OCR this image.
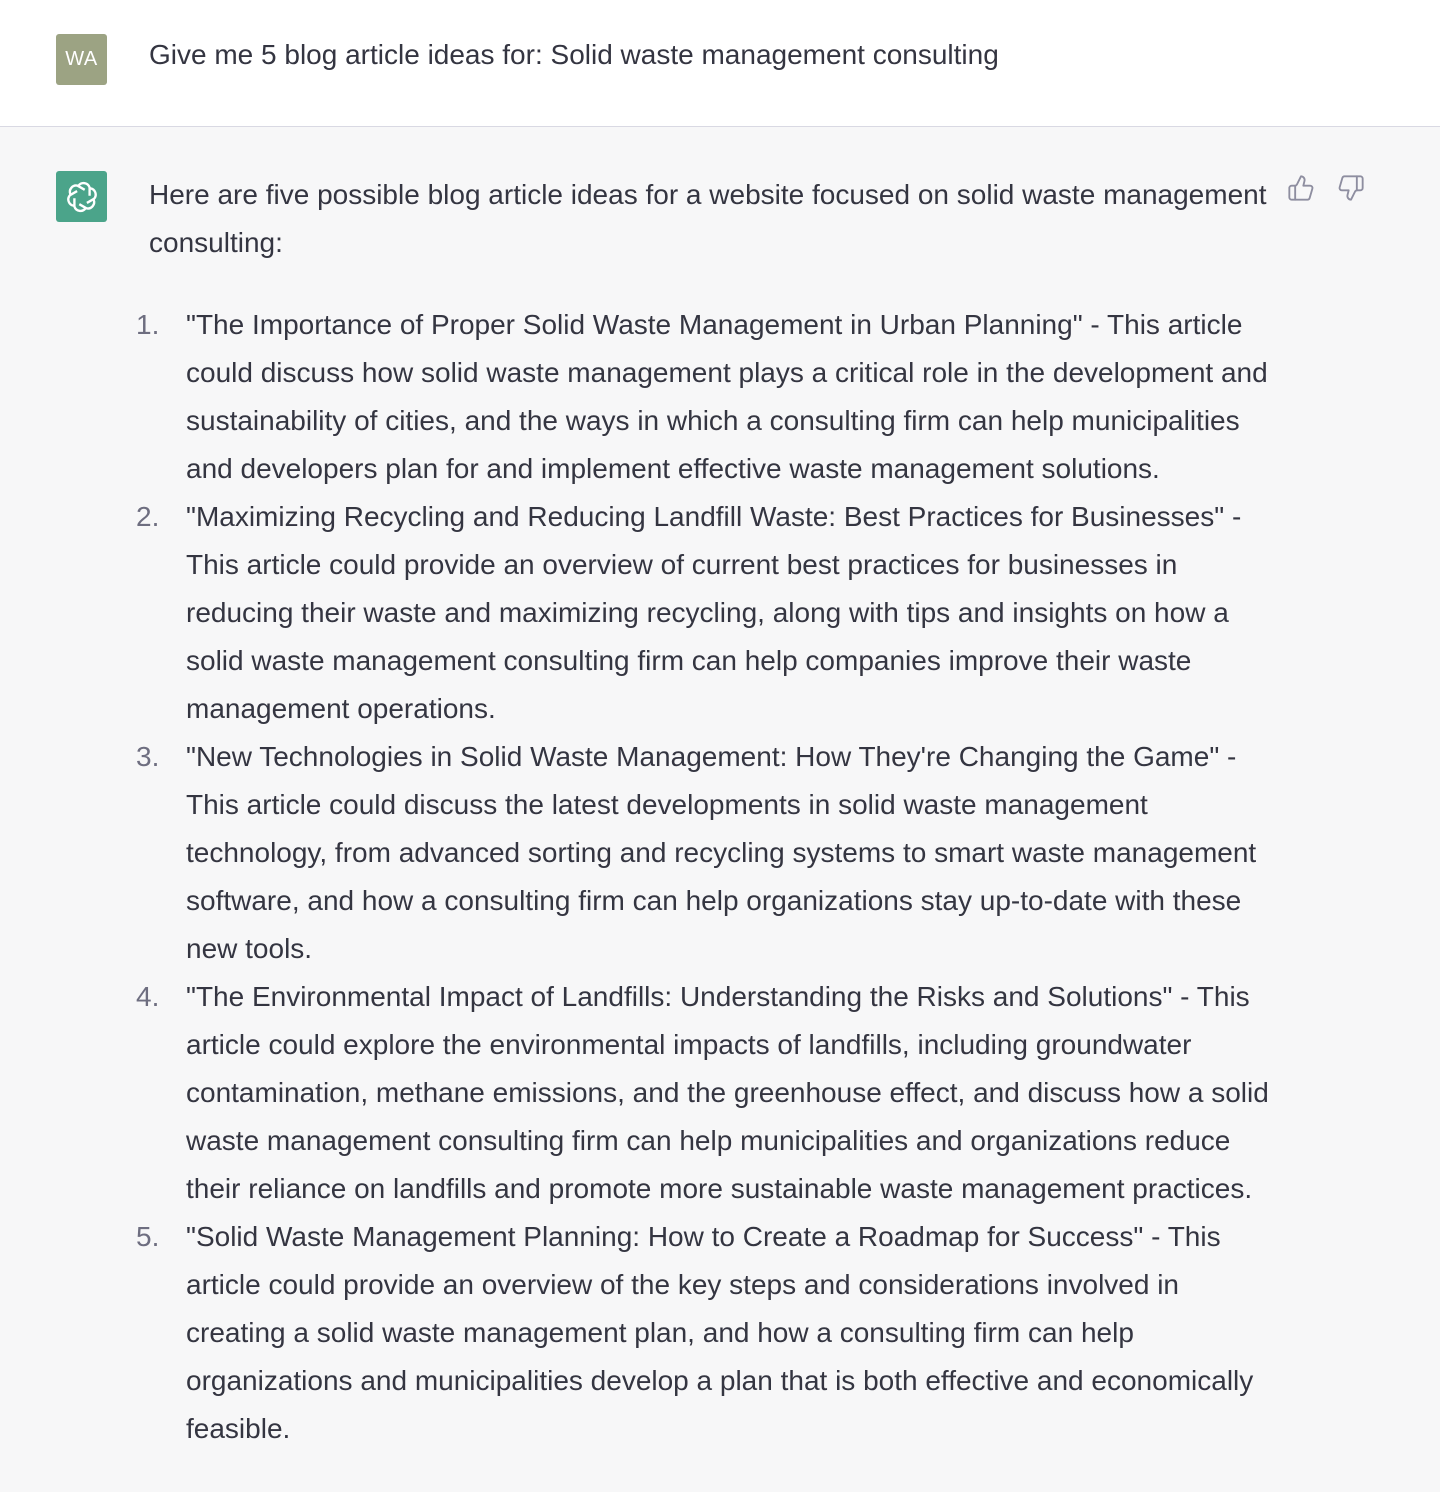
WA	Give me 5 blog article ideas for: Solid waste management consulting

Here are five possible blog article ideas for a website focused on solid waste management consulting:

1. "The Importance of Proper Solid Waste Management in Urban Planning" - This article could discuss how solid waste management plays a critical role in the development and sustainability of cities, and the ways in which a consulting firm can help municipalities and developers plan for and implement effective waste management solutions.
2. "Maximizing Recycling and Reducing Landfill Waste: Best Practices for Businesses" - This article could provide an overview of current best practices for businesses in reducing their waste and maximizing recycling, along with tips and insights on how a solid waste management consulting firm can help companies improve their waste management operations.
3. "New Technologies in Solid Waste Management: How They're Changing the Game" - This article could discuss the latest developments in solid waste management technology, from advanced sorting and recycling systems to smart waste management software, and how a consulting firm can help organizations stay up-to-date with these new tools.
4. "The Environmental Impact of Landfills: Understanding the Risks and Solutions" - This article could explore the environmental impacts of landfills, including groundwater contamination, methane emissions, and the greenhouse effect, and discuss how a solid waste management consulting firm can help municipalities and organizations reduce their reliance on landfills and promote more sustainable waste management practices.
5. "Solid Waste Management Planning: How to Create a Roadmap for Success" - This article could provide an overview of the key steps and considerations involved in creating a solid waste management plan, and how a consulting firm can help organizations and municipalities develop a plan that is both effective and economically feasible.
